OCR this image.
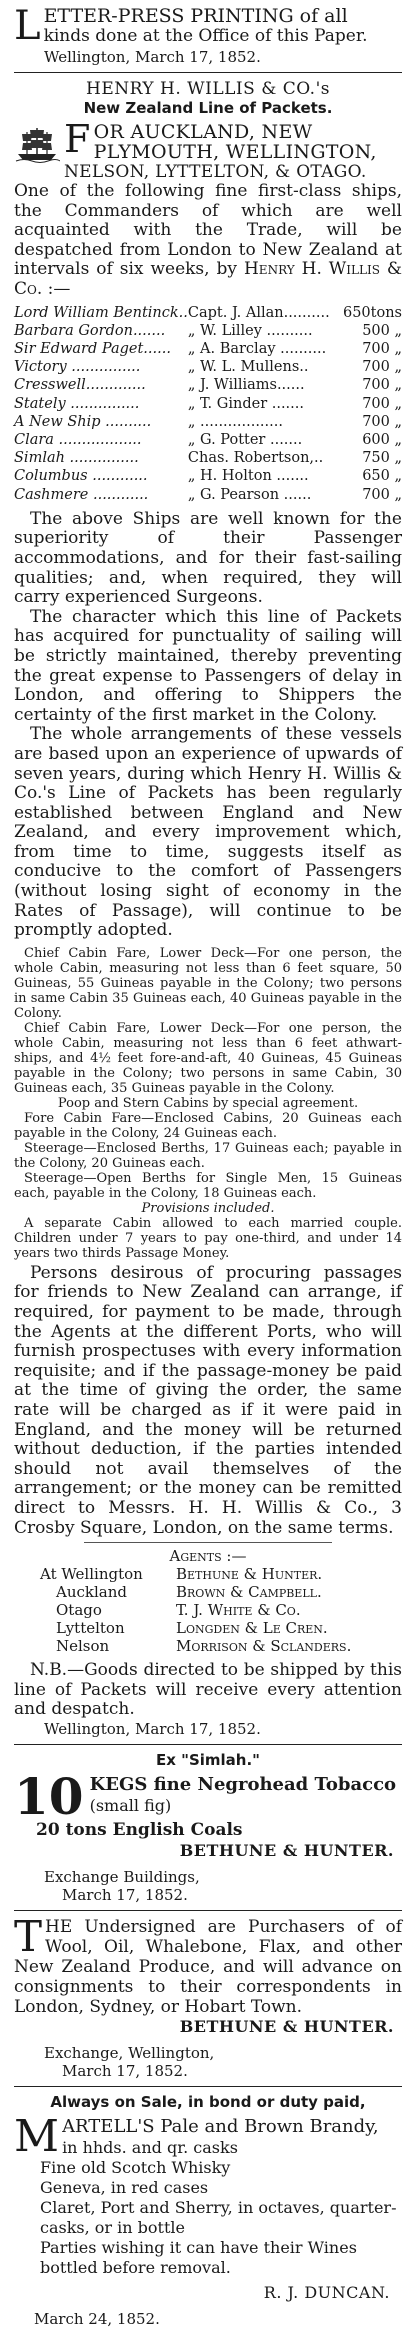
L ETTER-PRESS PRINTING of all
kinds done at the Office of this Paper.
Wellington, March 17, 1852.
HENRY H. WILLIS & CO.'s
New Zealand Line of Packets.
F OR AUCKLAND, NEW
PLYMOUTH, WELLINGTON,
NELSON, LYTTELTON, & OTAGO.

One of the following fine first-class ships, the Commanders of which are well acquainted with the Trade, will be despatched from London to New Zealand at intervals of six weeks, by Henry H. Willis & Co. :—

Lord William Bentinck..	Capt. J. Allan..........	650tons
Barbara Gordon.......	„ W. Lilley ..........	500 „
Sir Edward Paget......	„ A. Barclay ..........	700 „
Victory ...............	„ W. L. Mullens..	700 „
Cresswell.............	„ J. Williams......	700 „
Stately ...............	„ T. Ginder .......	700 „
A New Ship ..........	„ ..................	700 „
Clara ..................	„ G. Potter .......	600 „
Simlah ...............	Chas. Robertson,..	750 „
Columbus ............	„ H. Holton .......	650 „
Cashmere ............	„ G. Pearson ......	700 „

The above Ships are well known for the superiority of their Passenger accommodations, and for their fast-sailing qualities; and, when required, they will carry experienced Surgeons.

The character which this line of Packets has acquired for punctuality of sailing will be strictly maintained, thereby preventing the great expense to Passengers of delay in London, and offering to Shippers the certainty of the first market in the Colony.

The whole arrangements of these vessels are based upon an experience of upwards of seven years, during which Henry H. Willis & Co.'s Line of Packets has been regularly established between England and New Zealand, and every improvement which, from time to time, suggests itself as conducive to the comfort of Passengers (without losing sight of economy in the Rates of Passage), will continue to be promptly adopted.

Chief Cabin Fare, Lower Deck—For one person, the whole Cabin, measuring not less than 6 feet square, 50 Guineas, 55 Guineas payable in the Colony; two persons in same Cabin 35 Guineas each, 40 Guineas payable in the Colony.

Chief Cabin Fare, Lower Deck—For one person, the whole Cabin, measuring not less than 6 feet athwart-ships, and 4½ feet fore-and-aft, 40 Guineas, 45 Guineas payable in the Colony; two persons in same Cabin, 30 Guineas each, 35 Guineas payable in the Colony.

Poop and Stern Cabins by special agreement.

Fore Cabin Fare—Enclosed Cabins, 20 Guineas each payable in the Colony, 24 Guineas each.

Steerage—Enclosed Berths, 17 Guineas each; payable in the Colony, 20 Guineas each.

Steerage—Open Berths for Single Men, 15 Guineas each, payable in the Colony, 18 Guineas each.

Provisions included.

A separate Cabin allowed to each married couple. Children under 7 years to pay one-third, and under 14 years two thirds Passage Money.

Persons desirous of procuring passages for friends to New Zealand can arrange, if required, for payment to be made, through the Agents at the different Ports, who will furnish prospectuses with every information requisite; and if the passage-money be paid at the time of giving the order, the same rate will be charged as if it were paid in England, and the money will be returned without deduction, if the parties intended should not avail themselves of the arrangement; or the money can be remitted direct to Messrs. H. H. Willis & Co., 3 Crosby Square, London, on the same terms.

Agents :—
At Wellington	Bethune & Hunter.
Auckland	Brown & Campbell.
Otago	T. J. White & Co.
Lyttelton	Longden & Le Cren.
Nelson	Morrison & Sclanders.

N.B.—Goods directed to be shipped by this line of Packets will receive every attention and despatch.

Wellington, March 17, 1852.
Ex "Simlah."
10 KEGS fine Negrohead Tobacco
(small fig)
20 tons English Coals
BETHUNE & HUNTER.
Exchange Buildings,
March 17, 1852.

THE Undersigned are Purchasers of of Wool, Oil, Whalebone, Flax, and other New Zealand Produce, and will advance on consignments to their correspondents in London, Sydney, or Hobart Town.

BETHUNE & HUNTER.
Exchange, Wellington,
March 17, 1852.
Always on Sale, in bond or duty paid,
M ARTELL'S Pale and Brown Brandy,
in hhds. and qr. casks
Fine old Scotch Whisky
Geneva, in red cases
Claret, Port and Sherry, in octaves, quarter-casks, or in bottle
Parties wishing it can have their Wines bottled before removal.
R. J. DUNCAN.
March 24, 1852.
